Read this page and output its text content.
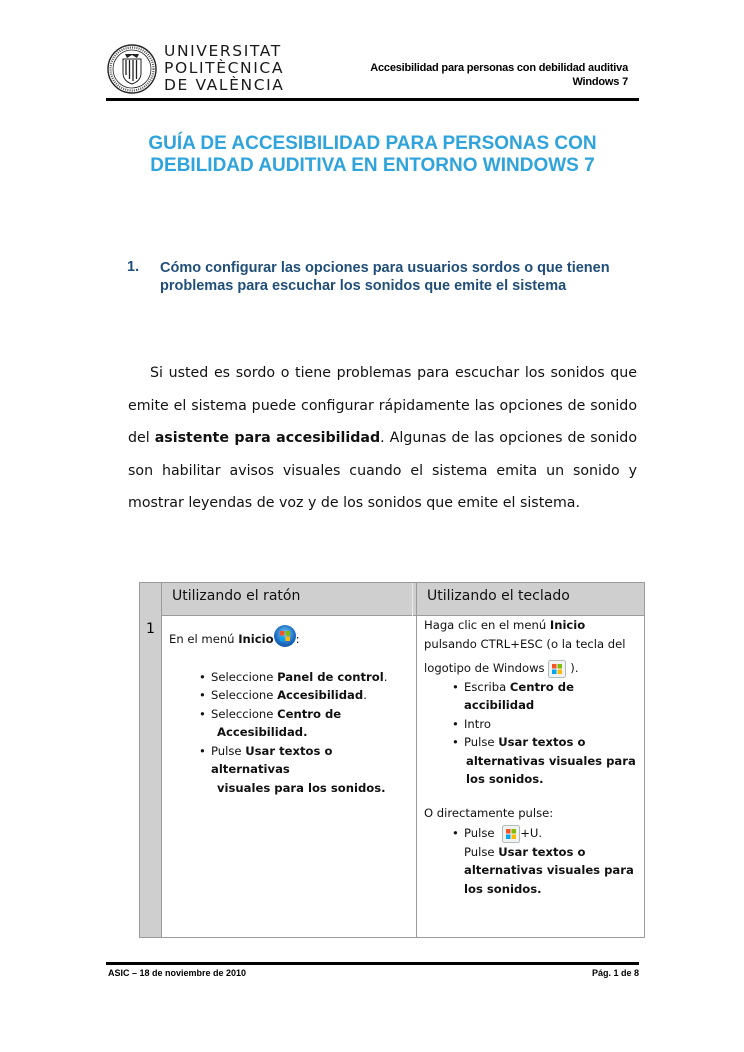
UNIVERSITAT
POLITÈCNICA
DE VALÈNCIA
Accesibilidad para personas con debilidad auditiva
Windows 7
GUÍA DE ACCESIBILIDAD PARA PERSONAS CON
DEBILIDAD AUDITIVA EN ENTORNO WINDOWS 7
1. Cómo configurar las opciones para usuarios sordos o que tienen problemas para escuchar los sonidos que emite el sistema
Si usted es sordo o tiene problemas para escuchar los sonidos que emite el sistema puede configurar rápidamente las opciones de sonido del asistente para accesibilidad. Algunas de las opciones de sonido son habilitar avisos visuales cuando el sistema emita un sonido y mostrar leyendas de voz y de los sonidos que emite el sistema.
Utilizando el ratón	Utilizando el teclado
1
En el menú Inicio :
• Seleccione Panel de control.
• Seleccione Accesibilidad.
• Seleccione Centro de
Accesibilidad.
• Pulse Usar textos o alternativas
visuales para los sonidos.
Haga clic en el menú Inicio
pulsando CTRL+ESC (o la tecla del
logotipo de Windows ).
• Escriba Centro de
accibilidad
• Intro
• Pulse Usar textos o
alternativas visuales para
los sonidos.
O directamente pulse:
• Pulse +U.
Pulse Usar textos o
alternativas visuales para
los sonidos.
ASIC – 18 de noviembre de 2010	Pág. 1 de 8
